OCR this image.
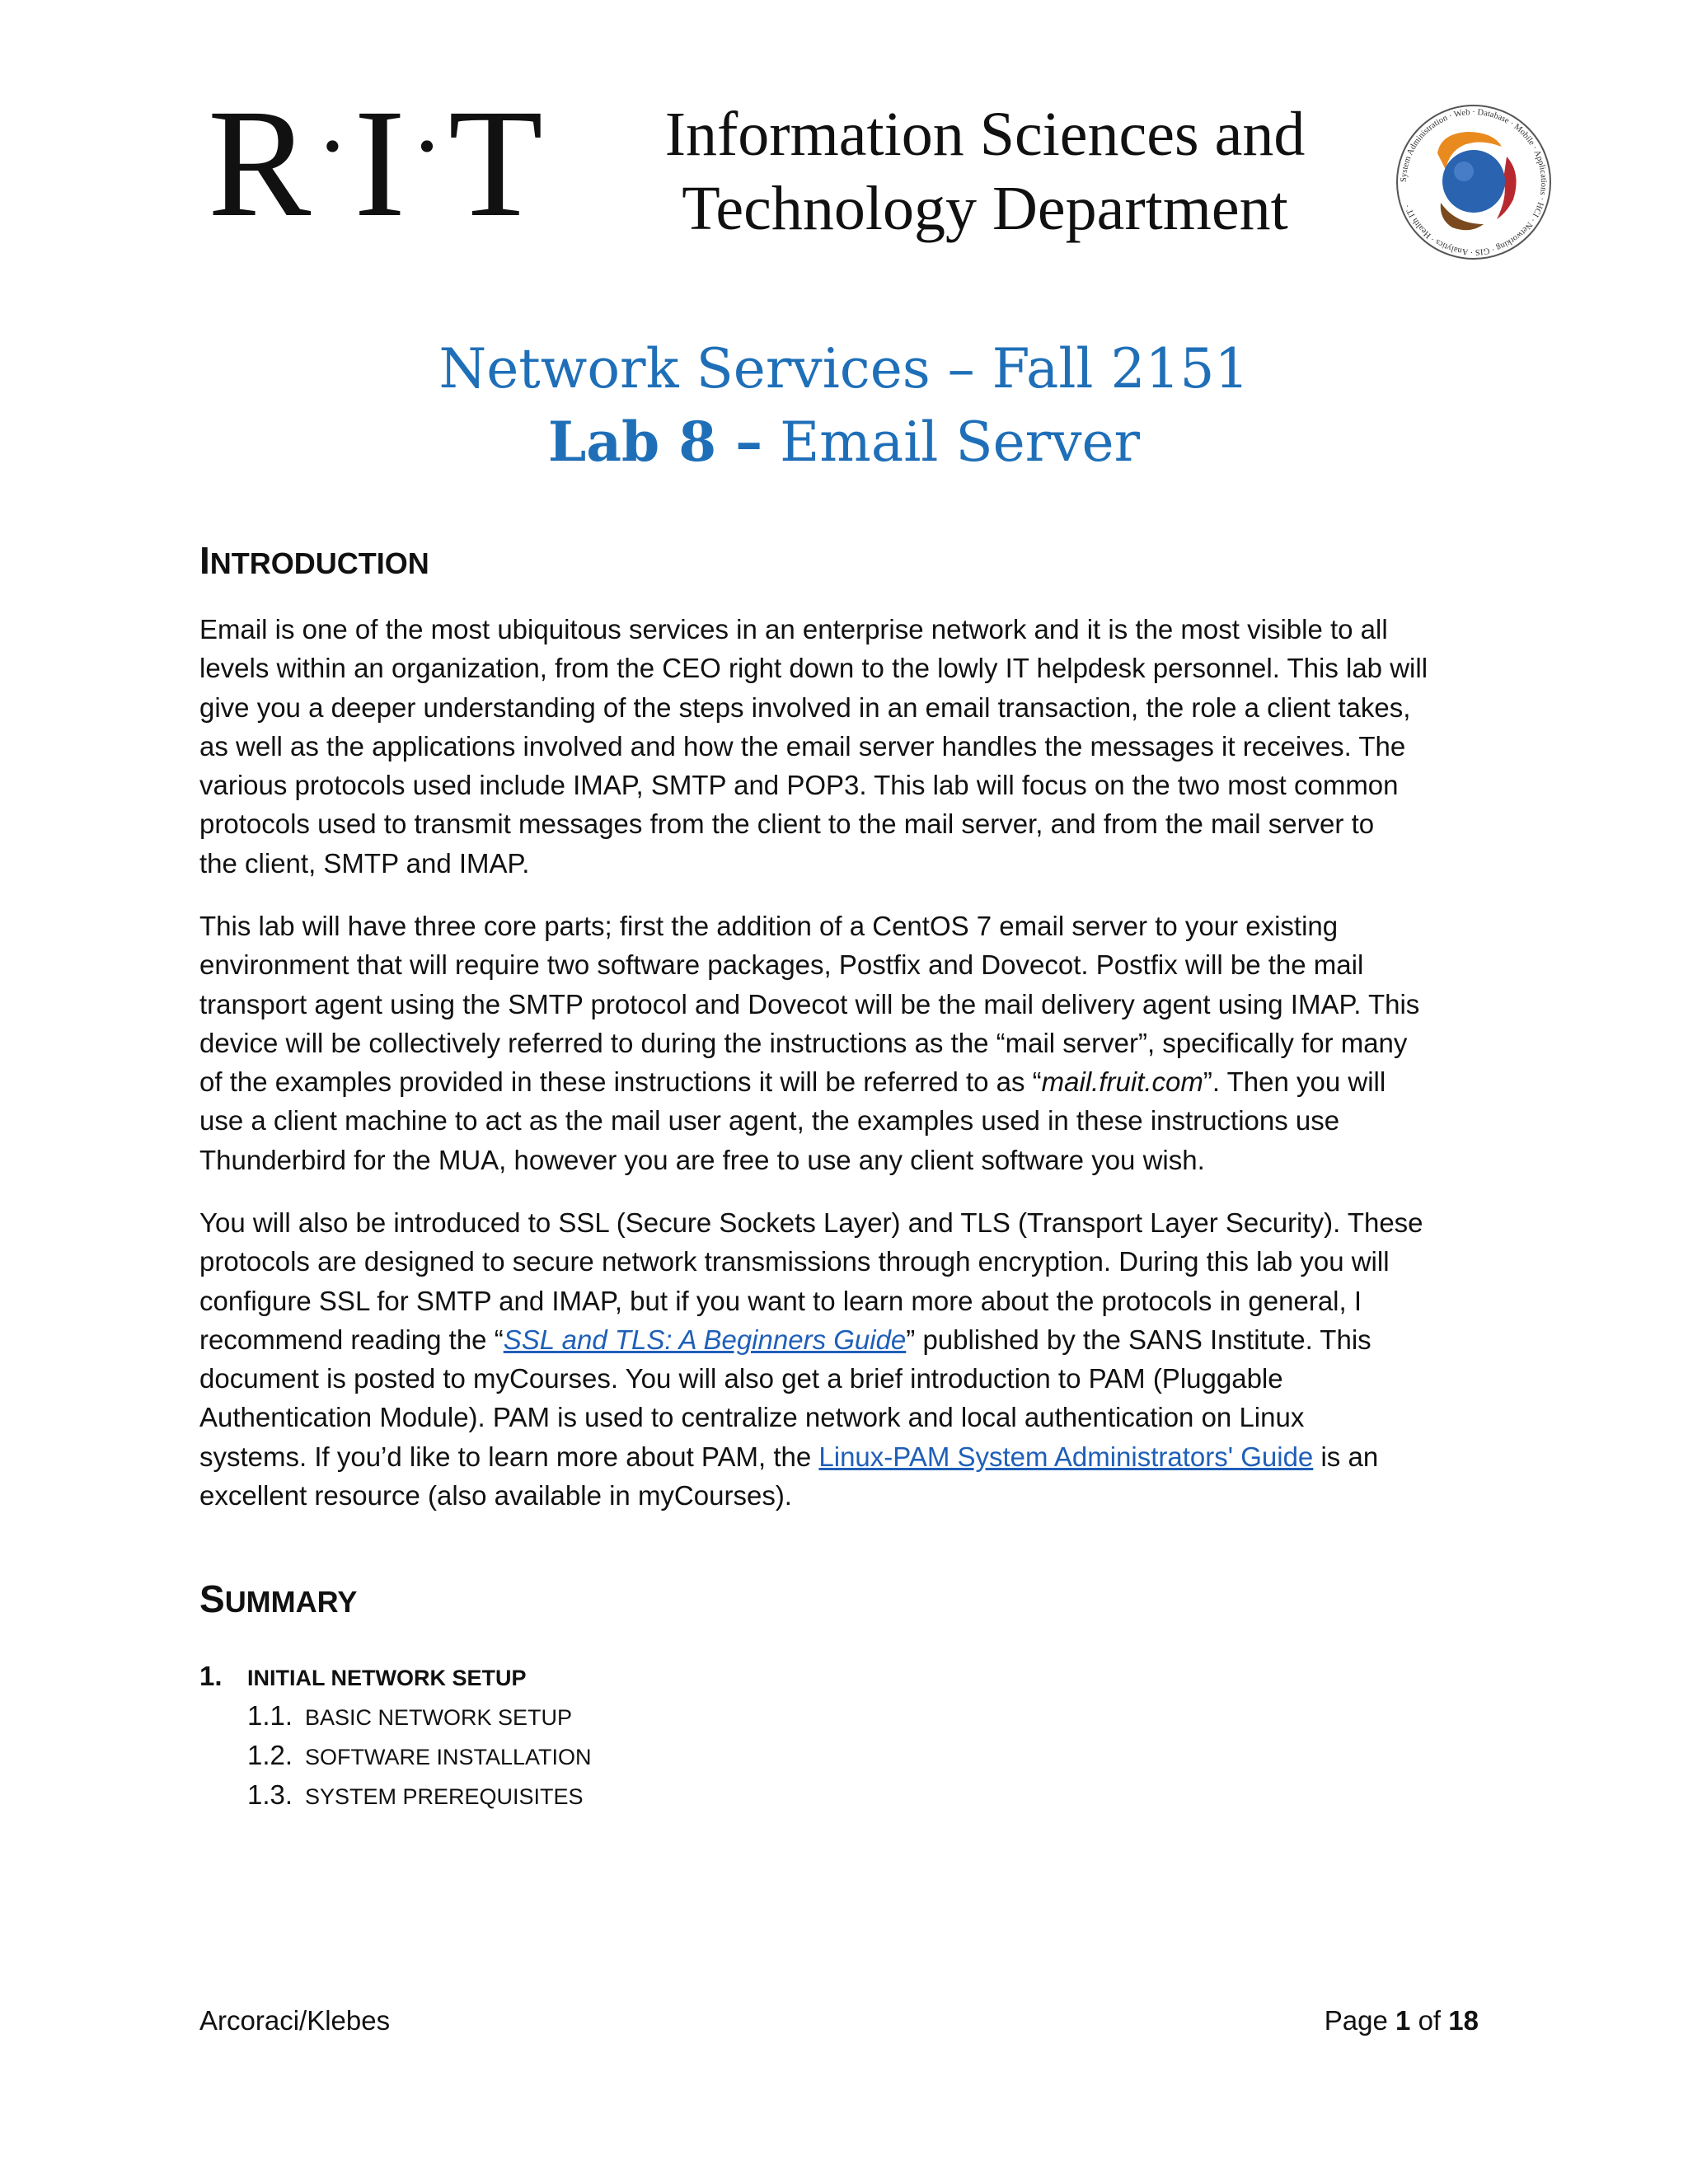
R·I·T	Information Sciences and
Technology Department	System Administration · Web · Database · Mobile · Applications · HCI · Networking · GIS · Analytics · Health IT ·
Network Services – Fall 2151
Lab 8 – Email Server
INTRODUCTION
Email is one of the most ubiquitous services in an enterprise network and it is the most visible to all
levels within an organization, from the CEO right down to the lowly IT helpdesk personnel. This lab will
give you a deeper understanding of the steps involved in an email transaction, the role a client takes,
as well as the applications involved and how the email server handles the messages it receives. The
various protocols used include IMAP, SMTP and POP3. This lab will focus on the two most common
protocols used to transmit messages from the client to the mail server, and from the mail server to
the client, SMTP and IMAP.
This lab will have three core parts; first the addition of a CentOS 7 email server to your existing
environment that will require two software packages, Postfix and Dovecot. Postfix will be the mail
transport agent using the SMTP protocol and Dovecot will be the mail delivery agent using IMAP. This
device will be collectively referred to during the instructions as the “mail server”, specifically for many
of the examples provided in these instructions it will be referred to as “mail.fruit.com”. Then you will
use a client machine to act as the mail user agent, the examples used in these instructions use
Thunderbird for the MUA, however you are free to use any client software you wish.
You will also be introduced to SSL (Secure Sockets Layer) and TLS (Transport Layer Security). These
protocols are designed to secure network transmissions through encryption. During this lab you will
configure SSL for SMTP and IMAP, but if you want to learn more about the protocols in general, I
recommend reading the “SSL and TLS: A Beginners Guide” published by the SANS Institute. This
document is posted to myCourses. You will also get a brief introduction to PAM (Pluggable
Authentication Module). PAM is used to centralize network and local authentication on Linux
systems. If you’d like to learn more about PAM, the Linux-PAM System Administrators' Guide is an
excellent resource (also available in myCourses).
SUMMARY
1. INITIAL NETWORK SETUP
1.1. BASIC NETWORK SETUP
1.2. SOFTWARE INSTALLATION
1.3. SYSTEM PREREQUISITES
Arcoraci/Klebes	Page 1 of 18
